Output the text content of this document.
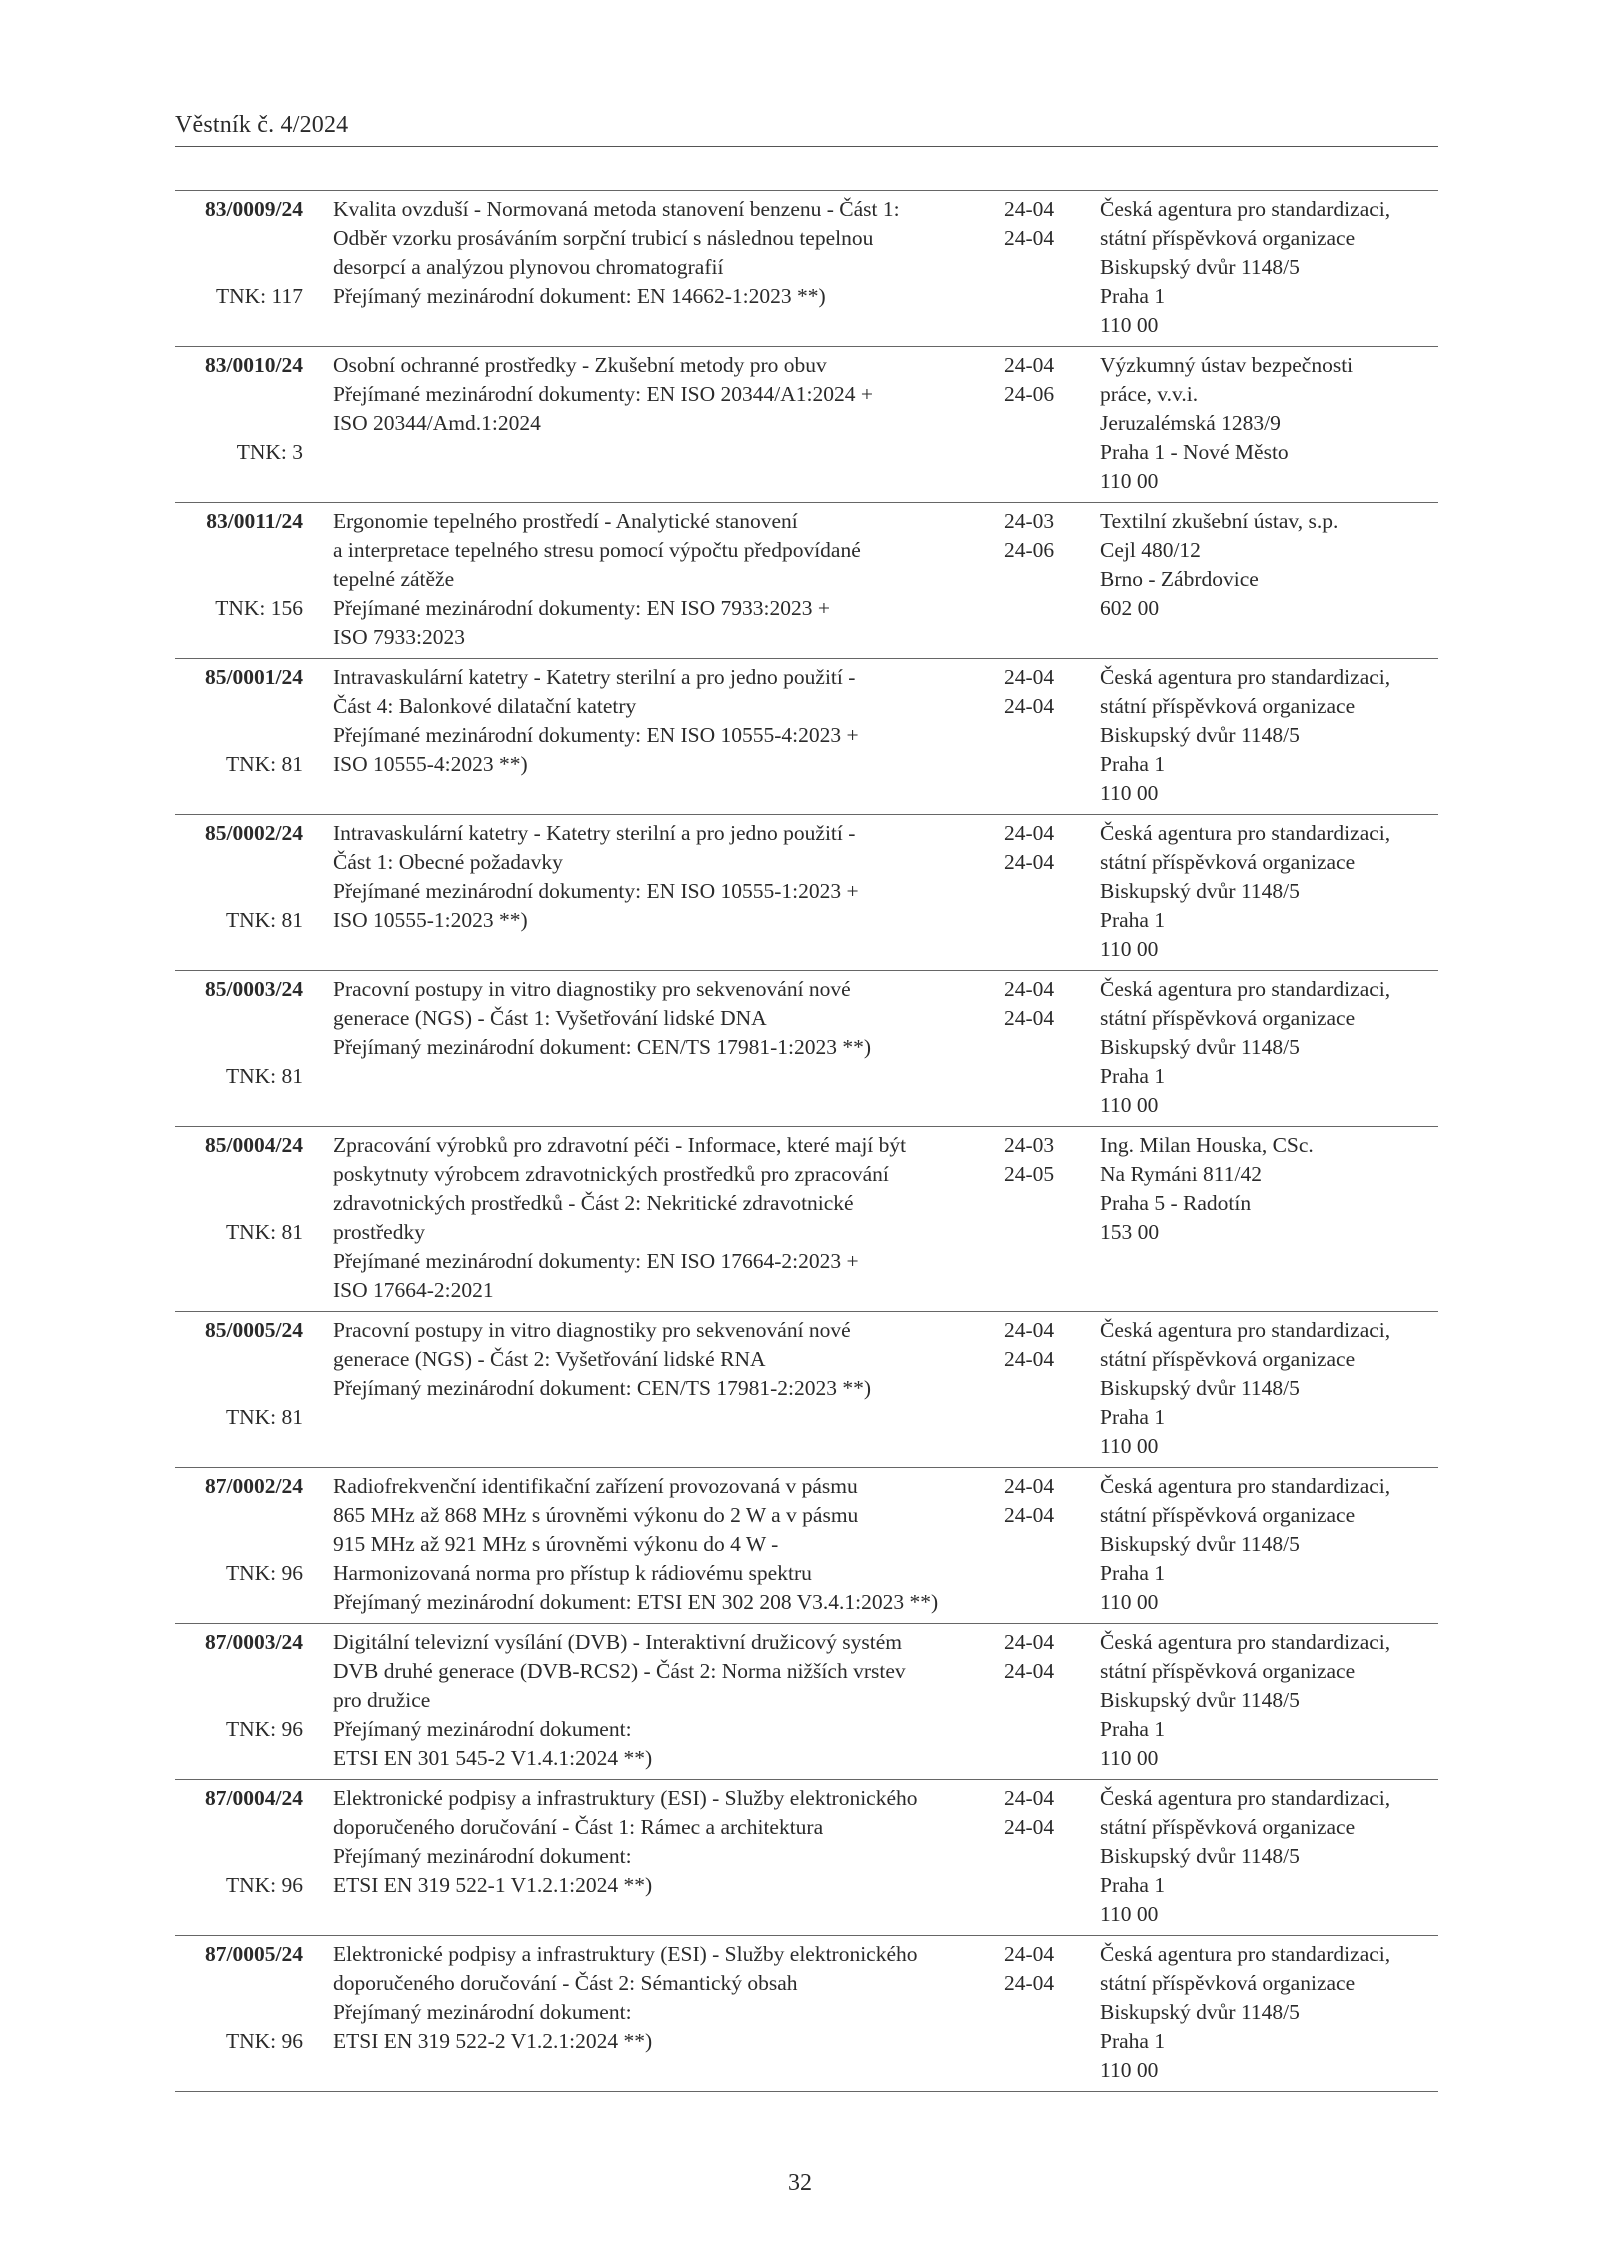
Věstník č. 4/2024
83/0009/24
TNK: 117
Kvalita ovzduší - Normovaná metoda stanovení benzenu - Část 1:
Odběr vzorku prosáváním sorpční trubicí s následnou tepelnou
desorpcí a analýzou plynovou chromatografií
Přejímaný mezinárodní dokument: EN 14662-1:2023 **)
24-04
24-04
Česká agentura pro standardizaci,
státní příspěvková organizace
Biskupský dvůr 1148/5
Praha 1
110 00
83/0010/24
TNK: 3
Osobní ochranné prostředky - Zkušební metody pro obuv
Přejímané mezinárodní dokumenty: EN ISO 20344/A1:2024 +
ISO 20344/Amd.1:2024
24-04
24-06
Výzkumný ústav bezpečnosti
práce, v.v.i.
Jeruzalémská 1283/9
Praha 1 - Nové Město
110 00
83/0011/24
TNK: 156
Ergonomie tepelného prostředí - Analytické stanovení
a interpretace tepelného stresu pomocí výpočtu předpovídané
tepelné zátěže
Přejímané mezinárodní dokumenty: EN ISO 7933:2023 +
ISO 7933:2023
24-03
24-06
Textilní zkušební ústav, s.p.
Cejl 480/12
Brno - Zábrdovice
602 00
85/0001/24
TNK: 81
Intravaskulární katetry - Katetry sterilní a pro jedno použití -
Část 4: Balonkové dilatační katetry
Přejímané mezinárodní dokumenty: EN ISO 10555-4:2023 +
ISO 10555-4:2023 **)
24-04
24-04
Česká agentura pro standardizaci,
státní příspěvková organizace
Biskupský dvůr 1148/5
Praha 1
110 00
85/0002/24
TNK: 81
Intravaskulární katetry - Katetry sterilní a pro jedno použití -
Část 1: Obecné požadavky
Přejímané mezinárodní dokumenty: EN ISO 10555-1:2023 +
ISO 10555-1:2023 **)
24-04
24-04
Česká agentura pro standardizaci,
státní příspěvková organizace
Biskupský dvůr 1148/5
Praha 1
110 00
85/0003/24
TNK: 81
Pracovní postupy in vitro diagnostiky pro sekvenování nové
generace (NGS) - Část 1: Vyšetřování lidské DNA
Přejímaný mezinárodní dokument: CEN/TS 17981-1:2023 **)
24-04
24-04
Česká agentura pro standardizaci,
státní příspěvková organizace
Biskupský dvůr 1148/5
Praha 1
110 00
85/0004/24
TNK: 81
Zpracování výrobků pro zdravotní péči - Informace, které mají být
poskytnuty výrobcem zdravotnických prostředků pro zpracování
zdravotnických prostředků - Část 2: Nekritické zdravotnické
prostředky
Přejímané mezinárodní dokumenty: EN ISO 17664-2:2023 +
ISO 17664-2:2021
24-03
24-05
Ing. Milan Houska, CSc.
Na Rymáni 811/42
Praha 5 - Radotín
153 00
85/0005/24
TNK: 81
Pracovní postupy in vitro diagnostiky pro sekvenování nové
generace (NGS) - Část 2: Vyšetřování lidské RNA
Přejímaný mezinárodní dokument: CEN/TS 17981-2:2023 **)
24-04
24-04
Česká agentura pro standardizaci,
státní příspěvková organizace
Biskupský dvůr 1148/5
Praha 1
110 00
87/0002/24
TNK: 96
Radiofrekvenční identifikační zařízení provozovaná v pásmu
865 MHz až 868 MHz s úrovněmi výkonu do 2 W a v pásmu
915 MHz až 921 MHz s úrovněmi výkonu do 4 W -
Harmonizovaná norma pro přístup k rádiovému spektru
Přejímaný mezinárodní dokument: ETSI EN 302 208 V3.4.1:2023 **)
24-04
24-04
Česká agentura pro standardizaci,
státní příspěvková organizace
Biskupský dvůr 1148/5
Praha 1
110 00
87/0003/24
TNK: 96
Digitální televizní vysílání (DVB) - Interaktivní družicový systém
DVB druhé generace (DVB-RCS2) - Část 2: Norma nižších vrstev
pro družice
Přejímaný mezinárodní dokument:
ETSI EN 301 545-2 V1.4.1:2024 **)
24-04
24-04
Česká agentura pro standardizaci,
státní příspěvková organizace
Biskupský dvůr 1148/5
Praha 1
110 00
87/0004/24
TNK: 96
Elektronické podpisy a infrastruktury (ESI) - Služby elektronického
doporučeného doručování - Část 1: Rámec a architektura
Přejímaný mezinárodní dokument:
ETSI EN 319 522-1 V1.2.1:2024 **)
24-04
24-04
Česká agentura pro standardizaci,
státní příspěvková organizace
Biskupský dvůr 1148/5
Praha 1
110 00
87/0005/24
TNK: 96
Elektronické podpisy a infrastruktury (ESI) - Služby elektronického
doporučeného doručování - Část 2: Sémantický obsah
Přejímaný mezinárodní dokument:
ETSI EN 319 522-2 V1.2.1:2024 **)
24-04
24-04
Česká agentura pro standardizaci,
státní příspěvková organizace
Biskupský dvůr 1148/5
Praha 1
110 00
32
